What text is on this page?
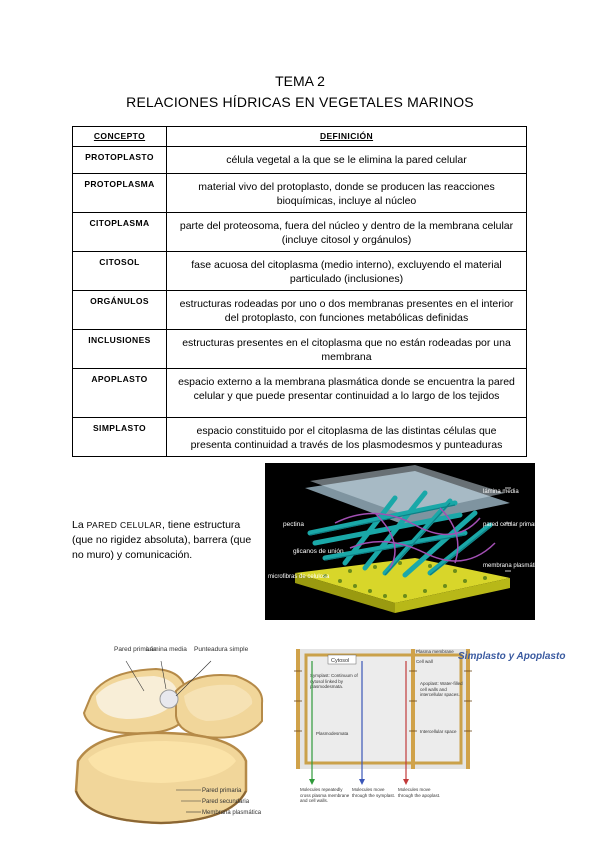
TEMA 2
RELACIONES HÍDRICAS EN VEGETALES MARINOS
CONCEPTO	DEFINICIÓN
PROTOPLASTO	célula vegetal a la que se le elimina la pared celular
PROTOPLASMA	material vivo del protoplasto, donde se producen las reacciones bioquímicas, incluye al núcleo
CITOPLASMA	parte del proteosoma, fuera del núcleo y dentro de la membrana celular (incluye citosol y orgánulos)
CITOSOL	fase acuosa del citoplasma (medio interno), excluyendo el material particulado (inclusiones)
ORGÁNULOS	estructuras rodeadas por uno o dos membranas presentes en el interior del protoplasto, con funciones metabólicas definidas
INCLUSIONES	estructuras presentes en el citoplasma que no están rodeadas por una membrana
APOPLASTO	espacio externo a la membrana plasmática donde se encuentra la pared celular y que puede presentar continuidad a lo largo de los tejidos
SIMPLASTO	espacio constituido por el citoplasma de las distintas células que presenta continuidad a través de los plasmodesmos y punteaduras
La PARED CELULAR, tiene estructura (que no rigidez absoluta), barrera (que no muro) y comunicación.
pectina
glicanos de unión
microfibras de celulosa
lámina media
pared celular primaria
membrana plasmática
Pared primaria
Lámina media Punteadura simple
Pared primaria
Pared secundaria
Membrana plasmática
Cytosol
Plasma membrane
Cell wall
Symplast: Continuum of cytosol linked by plasmodesmata.
Apoplast: Water-filled cell walls and intercellular spaces.
Plasmodesmata	Intercellular space
Simplasto y Apoplasto
Molecules repeatedly cross plasma membrane and cell walls.
Molecules move through the symplast.
Molecules move through the apoplast.
